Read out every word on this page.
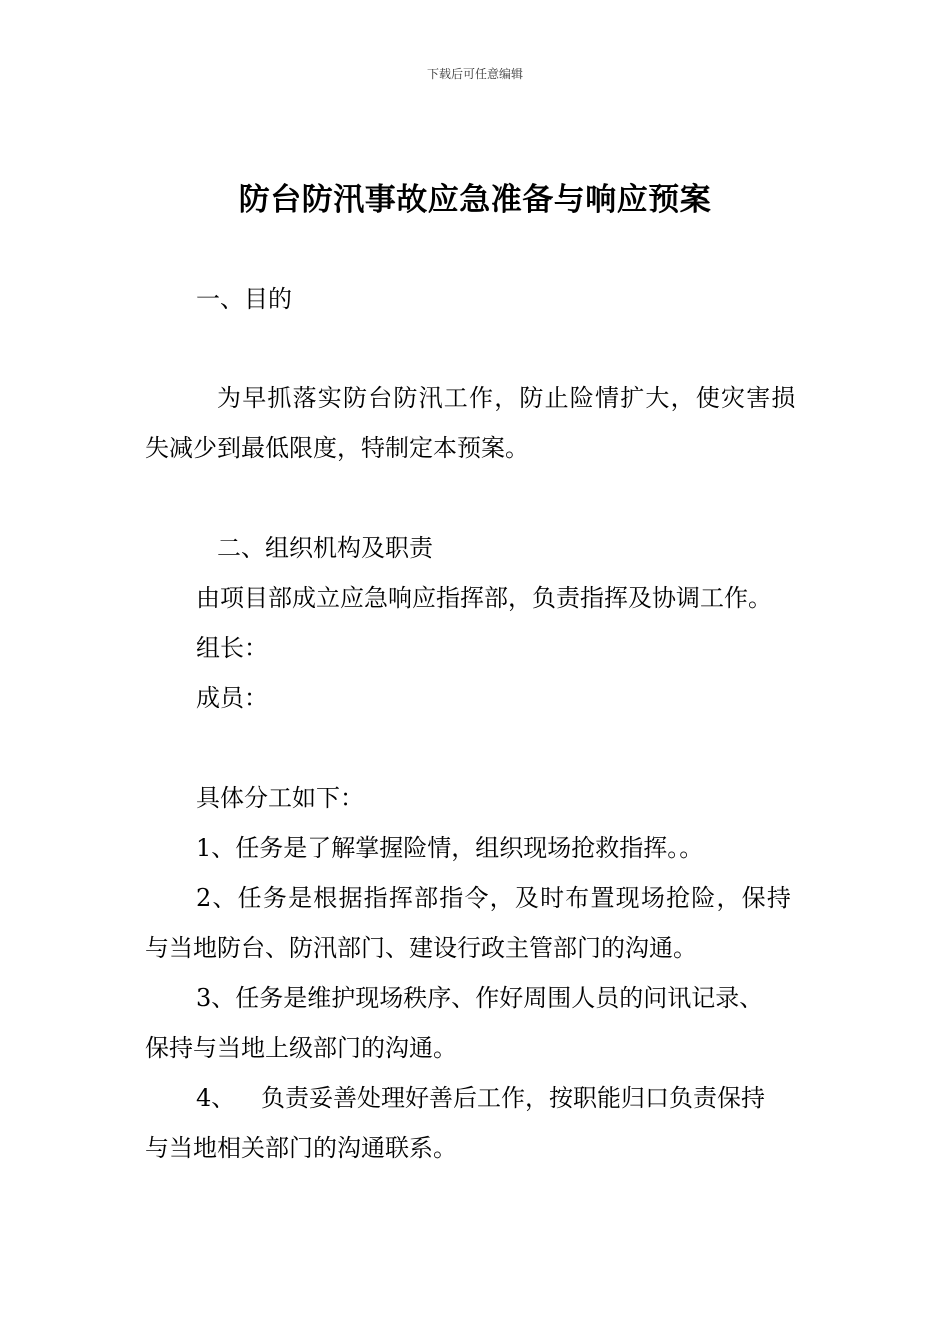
下载后可任意编辑
防台防汛事故应急准备与响应预案
一、目的
为早抓落实防台防汛工作，防止险情扩大，使灾害损
失减少到最低限度，特制定本预案。
二、组织机构及职责
由项目部成立应急响应指挥部，负责指挥及协调工作。
组长：
成员：
具体分工如下：
1、任务是了解掌握险情，组织现场抢救指挥。。
2、任务是根据指挥部指令，及时布置现场抢险，保持
与当地防台、防汛部门、建设行政主管部门的沟通。
3、任务是维护现场秩序、作好周围人员的问讯记录、
保持与当地上级部门的沟通。
4、 负责妥善处理好善后工作，按职能归口负责保持
与当地相关部门的沟通联系。
